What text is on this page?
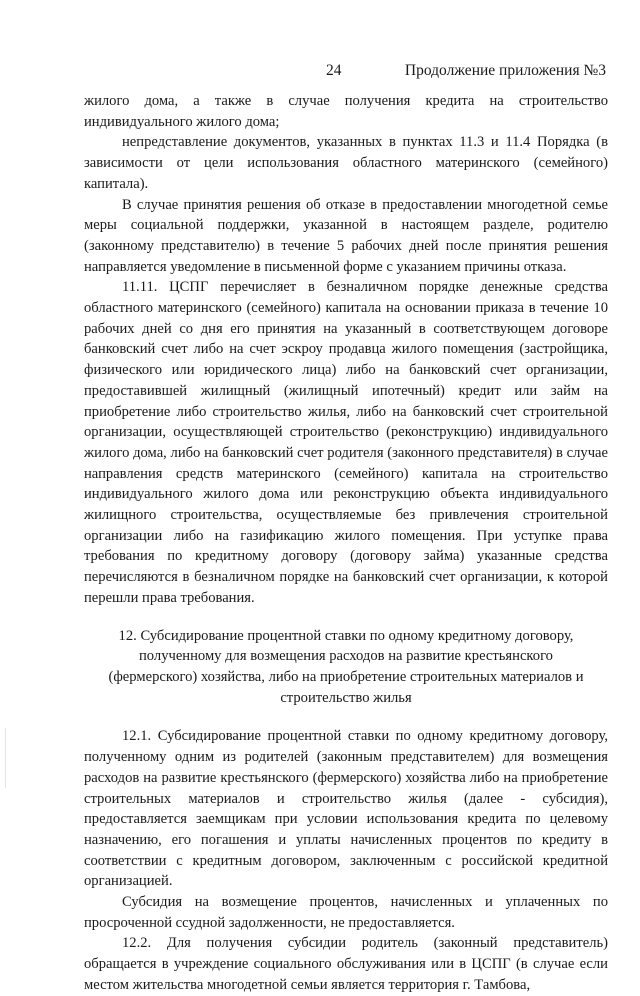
24	Продолжение приложения №3

жилого дома, а также в случае получения кредита на строительство индивидуального жилого дома;

непредставление документов, указанных в пунктах 11.3 и 11.4 Порядка (в зависимости от цели использования областного материнского (семейного) капитала).

В случае принятия решения об отказе в предоставлении многодетной семье меры социальной поддержки, указанной в настоящем разделе, родителю (законному представителю) в течение 5 рабочих дней после принятия решения направляется уведомление в письменной форме с указанием причины отказа.

11.11. ЦСПГ перечисляет в безналичном порядке денежные средства областного материнского (семейного) капитала на основании приказа в течение 10 рабочих дней со дня его принятия на указанный в соответствующем договоре банковский счет либо на счет эскроу продавца жилого помещения (застройщика, физического или юридического лица) либо на банковский счет организации, предоставившей жилищный (жилищный ипотечный) кредит или займ на приобретение либо строительство жилья, либо на банковский счет строительной организации, осуществляющей строительство (реконструкцию) индивидуального жилого дома, либо на банковский счет родителя (законного представителя) в случае направления средств материнского (семейного) капитала на строительство индивидуального жилого дома или реконструкцию объекта индивидуального жилищного строительства, осуществляемые без привлечения строительной организации либо на газификацию жилого помещения. При уступке права требования по кредитному договору (договору займа) указанные средства перечисляются в безналичном порядке на банковский счет организации, к которой перешли права требования.

12. Субсидирование процентной ставки по одному кредитному договору, полученному для возмещения расходов на развитие крестьянского (фермерского) хозяйства, либо на приобретение строительных материалов и строительство жилья

12.1. Субсидирование процентной ставки по одному кредитному договору, полученному одним из родителей (законным представителем) для возмещения расходов на развитие крестьянского (фермерского) хозяйства либо на приобретение строительных материалов и строительство жилья (далее - субсидия), предоставляется заемщикам при условии использования кредита по целевому назначению, его погашения и уплаты начисленных процентов по кредиту в соответствии с кредитным договором, заключенным с российской кредитной организацией.

Субсидия на возмещение процентов, начисленных и уплаченных по просроченной ссудной задолженности, не предоставляется.

12.2. Для получения субсидии родитель (законный представитель) обращается в учреждение социального обслуживания или в ЦСПГ (в случае если местом жительства многодетной семьи является территория г. Тамбова,
